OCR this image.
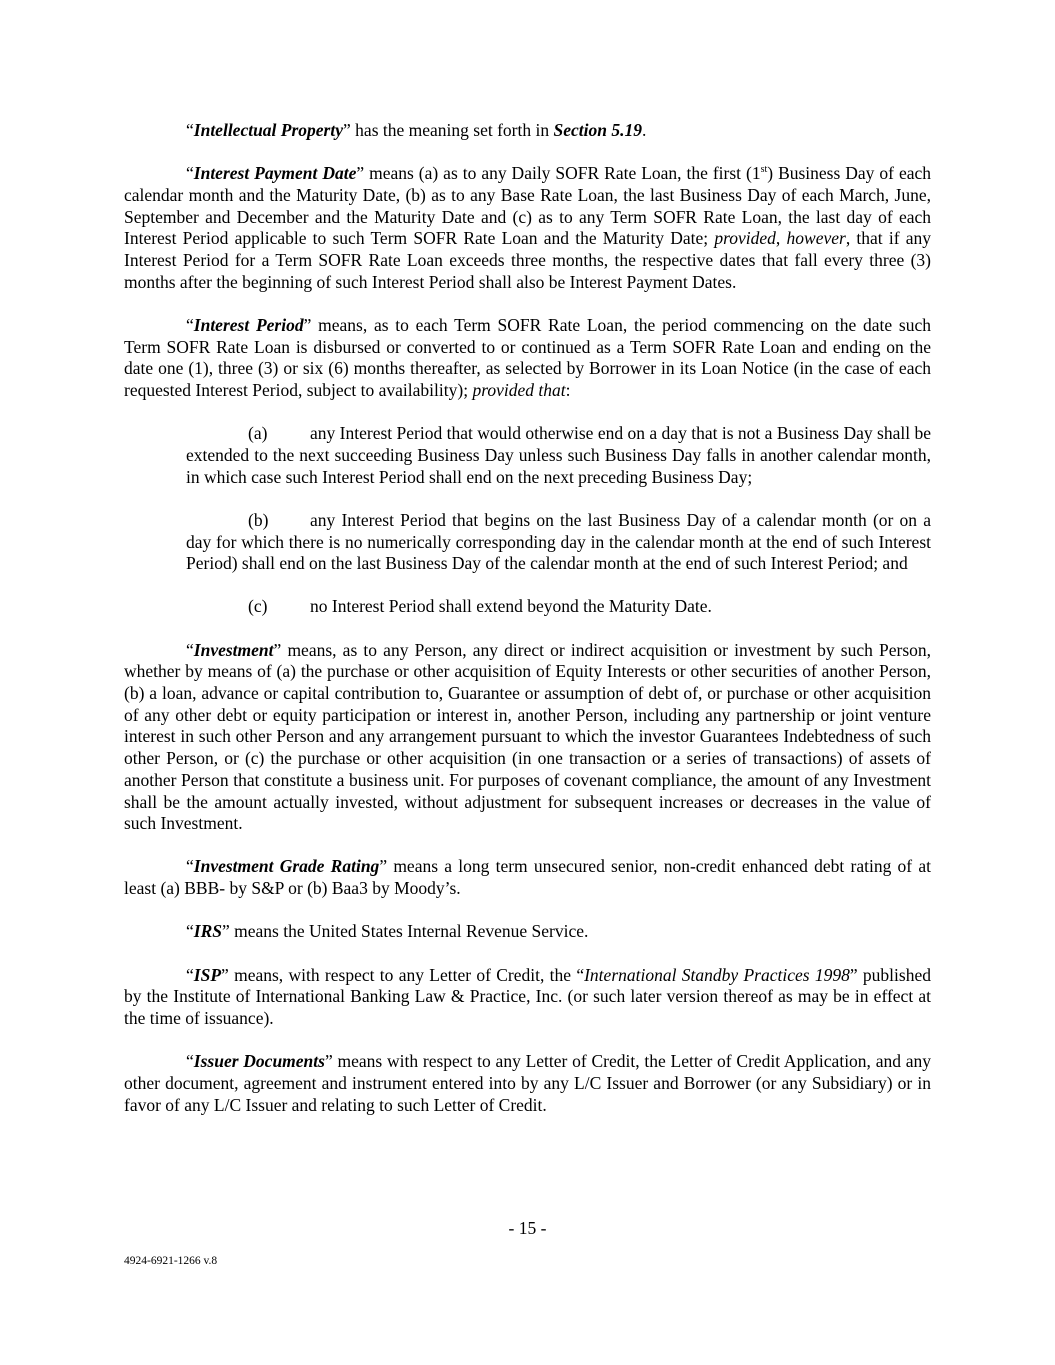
“Intellectual Property” has the meaning set forth in Section 5.19.

“Interest Payment Date” means (a) as to any Daily SOFR Rate Loan, the first (1st) Business Day of each calendar month and the Maturity Date, (b) as to any Base Rate Loan, the last Business Day of each March, June, September and December and the Maturity Date and (c) as to any Term SOFR Rate Loan, the last day of each Interest Period applicable to such Term SOFR Rate Loan and the Maturity Date; provided, however, that if any Interest Period for a Term SOFR Rate Loan exceeds three months, the respective dates that fall every three (3) months after the beginning of such Interest Period shall also be Interest Payment Dates.

“Interest Period” means, as to each Term SOFR Rate Loan, the period commencing on the date such Term SOFR Rate Loan is disbursed or converted to or continued as a Term SOFR Rate Loan and ending on the date one (1), three (3) or six (6) months thereafter, as selected by Borrower in its Loan Notice (in the case of each requested Interest Period, subject to availability); provided that:

(a) any Interest Period that would otherwise end on a day that is not a Business Day shall be extended to the next succeeding Business Day unless such Business Day falls in another calendar month, in which case such Interest Period shall end on the next preceding Business Day;

(b) any Interest Period that begins on the last Business Day of a calendar month (or on a day for which there is no numerically corresponding day in the calendar month at the end of such Interest Period) shall end on the last Business Day of the calendar month at the end of such Interest Period; and

(c) no Interest Period shall extend beyond the Maturity Date.

“Investment” means, as to any Person, any direct or indirect acquisition or investment by such Person, whether by means of (a) the purchase or other acquisition of Equity Interests or other securities of another Person, (b) a loan, advance or capital contribution to, Guarantee or assumption of debt of, or purchase or other acquisition of any other debt or equity participation or interest in, another Person, including any partnership or joint venture interest in such other Person and any arrangement pursuant to which the investor Guarantees Indebtedness of such other Person, or (c) the purchase or other acquisition (in one transaction or a series of transactions) of assets of another Person that constitute a business unit. For purposes of covenant compliance, the amount of any Investment shall be the amount actually invested, without adjustment for subsequent increases or decreases in the value of such Investment.

“Investment Grade Rating” means a long term unsecured senior, non-credit enhanced debt rating of at least (a) BBB- by S&P or (b) Baa3 by Moody’s.

“IRS” means the United States Internal Revenue Service.

“ISP” means, with respect to any Letter of Credit, the “International Standby Practices 1998” published by the Institute of International Banking Law & Practice, Inc. (or such later version thereof as may be in effect at the time of issuance).

“Issuer Documents” means with respect to any Letter of Credit, the Letter of Credit Application, and any other document, agreement and instrument entered into by any L/C Issuer and Borrower (or any Subsidiary) or in favor of any L/C Issuer and relating to such Letter of Credit.

- 15 -
4924-6921-1266 v.8
